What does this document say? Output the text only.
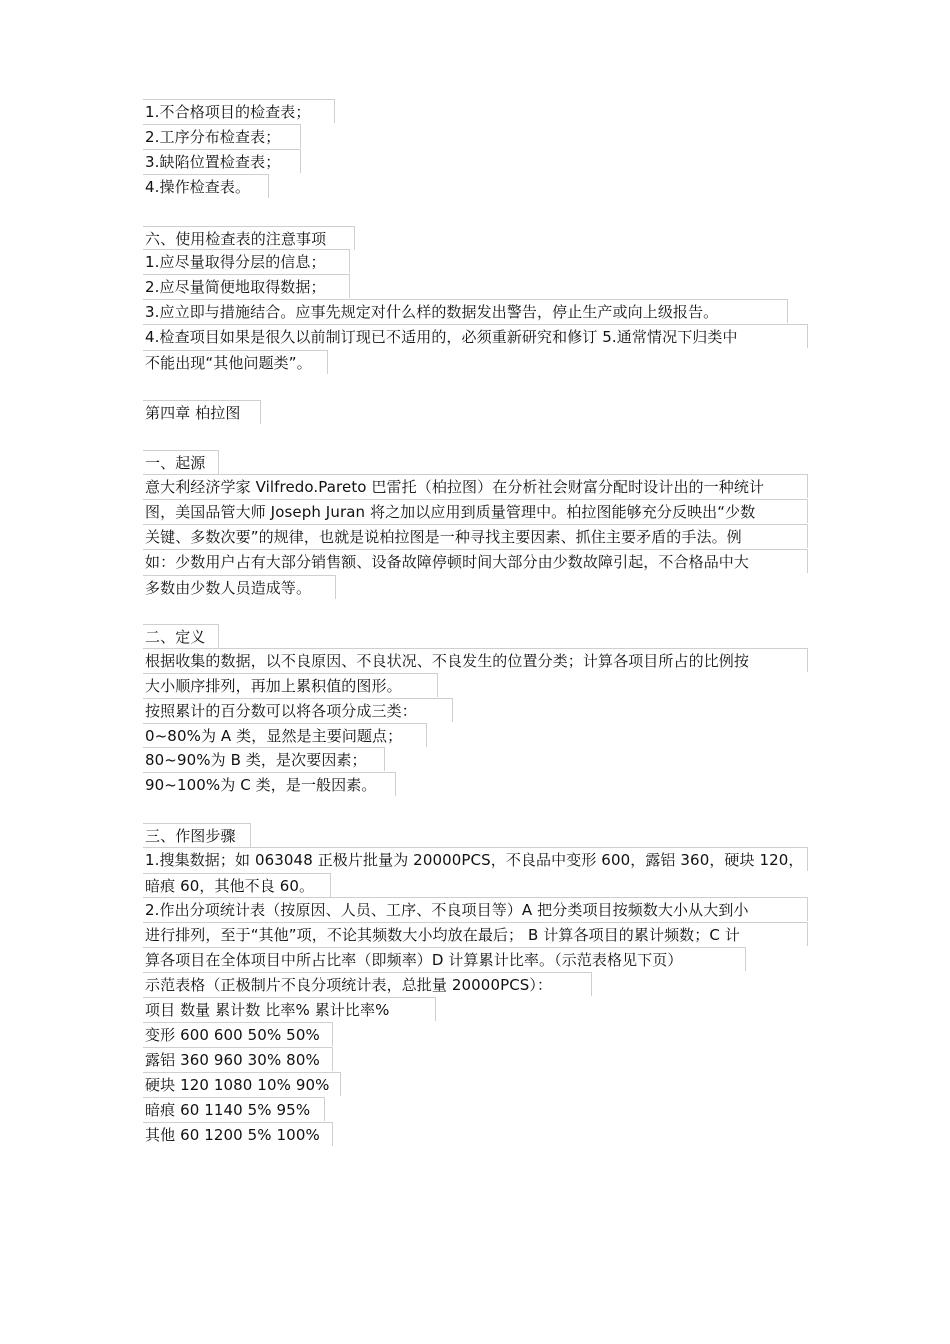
1.不合格项目的检查表；
2.工序分布检查表；
3.缺陷位置检查表；
4.操作检查表。
六、使用检查表的注意事项
1.应尽量取得分层的信息；
2.应尽量简便地取得数据；
3.应立即与措施结合。应事先规定对什么样的数据发出警告，停止生产或向上级报告。
4.检查项目如果是很久以前制订现已不适用的，必须重新研究和修订 5.通常情况下归类中
不能出现“其他问题类”。
第四章 柏拉图
一、起源
意大利经济学家 Vilfredo.Pareto 巴雷托（柏拉图）在分析社会财富分配时设计出的一种统计
图，美国品管大师 Joseph Juran 将之加以应用到质量管理中。柏拉图能够充分反映出“少数
关键、多数次要”的规律，也就是说柏拉图是一种寻找主要因素、抓住主要矛盾的手法。例
如：少数用户占有大部分销售额、设备故障停顿时间大部分由少数故障引起，不合格品中大
多数由少数人员造成等。
二、定义
根据收集的数据，以不良原因、不良状况、不良发生的位置分类；计算各项目所占的比例按
大小顺序排列，再加上累积值的图形。
按照累计的百分数可以将各项分成三类：
0~80%为 A 类，显然是主要问题点；
80~90%为 B 类，是次要因素；
90~100%为 C 类，是一般因素。
三、作图步骤
1.搜集数据；如 063048 正极片批量为 20000PCS，不良品中变形 600，露铝 360，硬块 120，
暗痕 60，其他不良 60。
2.作出分项统计表（按原因、人员、工序、不良项目等）A 把分类项目按频数大小从大到小
进行排列，至于“其他”项，不论其频数大小均放在最后； B 计算各项目的累计频数；C 计
算各项目在全体项目中所占比率（即频率）D 计算累计比率。（示范表格见下页）
示范表格（正极制片不良分项统计表，总批量 20000PCS）：
项目 数量 累计数 比率% 累计比率%
变形 600 600 50% 50%
露铝 360 960 30% 80%
硬块 120 1080 10% 90%
暗痕 60 1140 5% 95%
其他 60 1200 5% 100%
